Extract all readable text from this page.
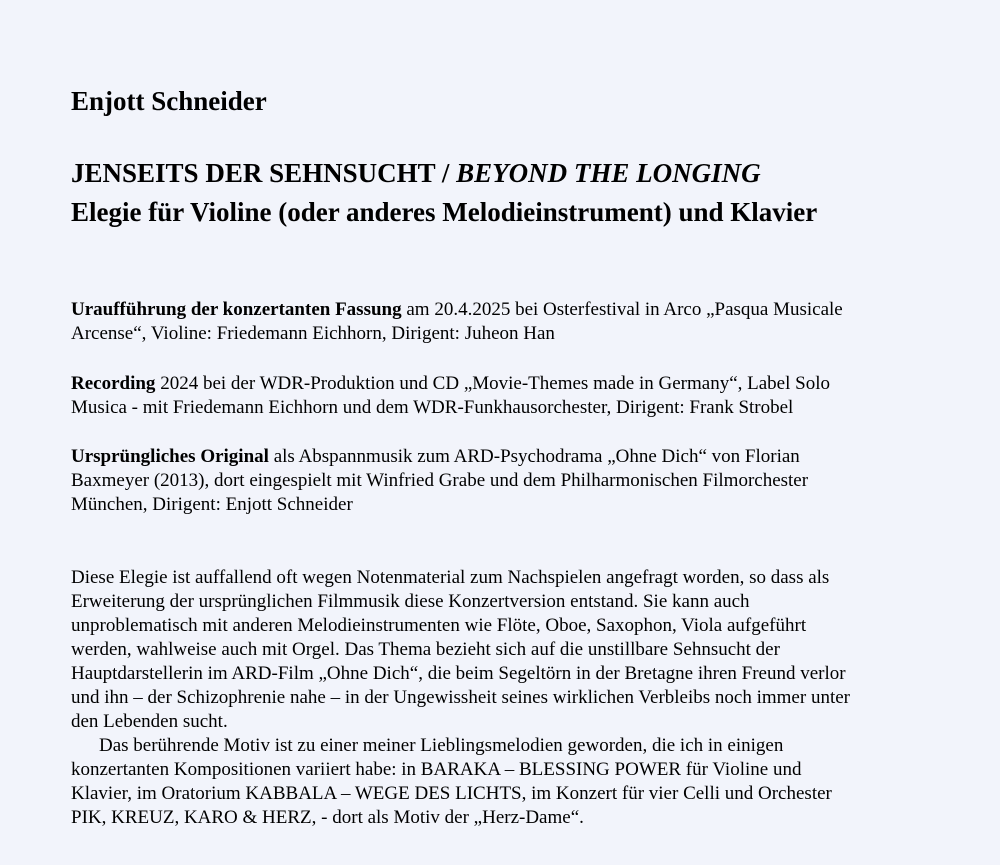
Enjott Schneider
JENSEITS DER SEHNSUCHT / BEYOND THE LONGING
Elegie für Violine (oder anderes Melodieinstrument) und Klavier

Uraufführung der konzertanten Fassung am 20.4.2025 bei Osterfestival in Arco „Pasqua Musicale
Arcense“, Violine: Friedemann Eichhorn, Dirigent: Juheon Han

Recording 2024 bei der WDR-Produktion und CD „Movie-Themes made in Germany“, Label Solo
Musica - mit Friedemann Eichhorn und dem WDR-Funkhausorchester, Dirigent: Frank Strobel

Ursprüngliches Original als Abspannmusik zum ARD-Psychodrama „Ohne Dich“ von Florian
Baxmeyer (2013), dort eingespielt mit Winfried Grabe und dem Philharmonischen Filmorchester
München, Dirigent: Enjott Schneider

Diese Elegie ist auffallend oft wegen Notenmaterial zum Nachspielen angefragt worden, so dass als
Erweiterung der ursprünglichen Filmmusik diese Konzertversion entstand. Sie kann auch
unproblematisch mit anderen Melodieinstrumenten wie Flöte, Oboe, Saxophon, Viola aufgeführt
werden, wahlweise auch mit Orgel. Das Thema bezieht sich auf die unstillbare Sehnsucht der
Hauptdarstellerin im ARD-Film „Ohne Dich“, die beim Segeltörn in der Bretagne ihren Freund verlor
und ihn – der Schizophrenie nahe – in der Ungewissheit seines wirklichen Verbleibs noch immer unter
den Lebenden sucht.
Das berührende Motiv ist zu einer meiner Lieblingsmelodien geworden, die ich in einigen
konzertanten Kompositionen variiert habe: in BARAKA – BLESSING POWER für Violine und
Klavier, im Oratorium KABBALA – WEGE DES LICHTS, im Konzert für vier Celli und Orchester
PIK, KREUZ, KARO & HERZ, - dort als Motiv der „Herz-Dame“.
